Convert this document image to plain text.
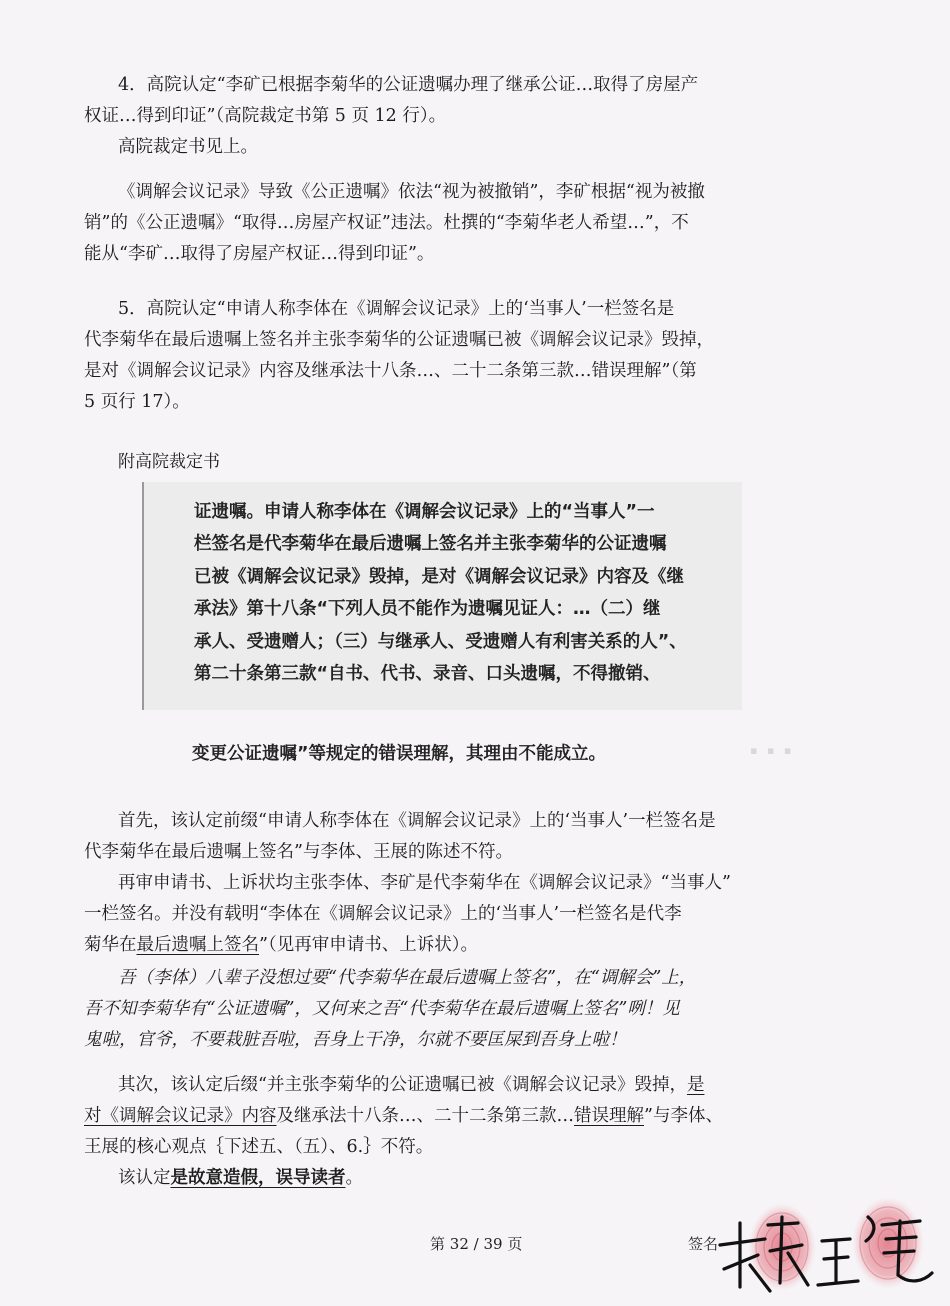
4．高院认定“李矿已根据李菊华的公证遗嘱办理了继承公证…取得了房屋产
权证…得到印证”（高院裁定书第 5 页 12 行）。
高院裁定书见上。
《调解会议记录》导致《公正遗嘱》依法“视为被撤销”，李矿根据“视为被撤
销”的《公正遗嘱》“取得…房屋产权证”违法。杜撰的“李菊华老人希望…”，不
能从“李矿…取得了房屋产权证…得到印证”。
5．高院认定“申请人称李体在《调解会议记录》上的‘当事人’一栏签名是
代李菊华在最后遗嘱上签名并主张李菊华的公证遗嘱已被《调解会议记录》毁掉，
是对《调解会议记录》内容及继承法十八条…、二十二条第三款…错误理解”（第
5 页行 17）。
附高院裁定书
证遗嘱。申请人称李体在《调解会议记录》上的“当事人”一
栏签名是代李菊华在最后遗嘱上签名并主张李菊华的公证遗嘱
已被《调解会议记录》毁掉，是对《调解会议记录》内容及《继
承法》第十八条“下列人员不能作为遗嘱见证人：…（二）继
承人、受遗赠人；（三）与继承人、受遗赠人有利害关系的人”、
第二十条第三款“自书、代书、录音、口头遗嘱，不得撤销、
变更公证遗嘱”等规定的错误理解，其理由不能成立。	▪ ▪ ▪
首先，该认定前缀“申请人称李体在《调解会议记录》上的‘当事人’一栏签名是
代李菊华在最后遗嘱上签名”与李体、王展的陈述不符。
再审申请书、上诉状均主张李体、李矿是代李菊华在《调解会议记录》“当事人”
一栏签名。并没有载明“李体在《调解会议记录》上的‘当事人’一栏签名是代李
菊华在最后遗嘱上签名”（见再审申请书、上诉状）。
吾（李体）八辈子没想过要“代李菊华在最后遗嘱上签名”，在“调解会”上，
吾不知李菊华有“公证遗嘱”，又何来之吾“代李菊华在最后遗嘱上签名”咧！见
鬼啦，官爷，不要栽脏吾啦，吾身上干净，尔就不要匡屎到吾身上啦！
其次，该认定后缀“并主张李菊华的公证遗嘱已被《调解会议记录》毁掉，是
对《调解会议记录》内容及继承法十八条…、二十二条第三款…错误理解”与李体、
王展的核心观点｛下述五、（五）、6.｝不符。
该认定是故意造假，误导读者。
第 32 / 39 页	签名
